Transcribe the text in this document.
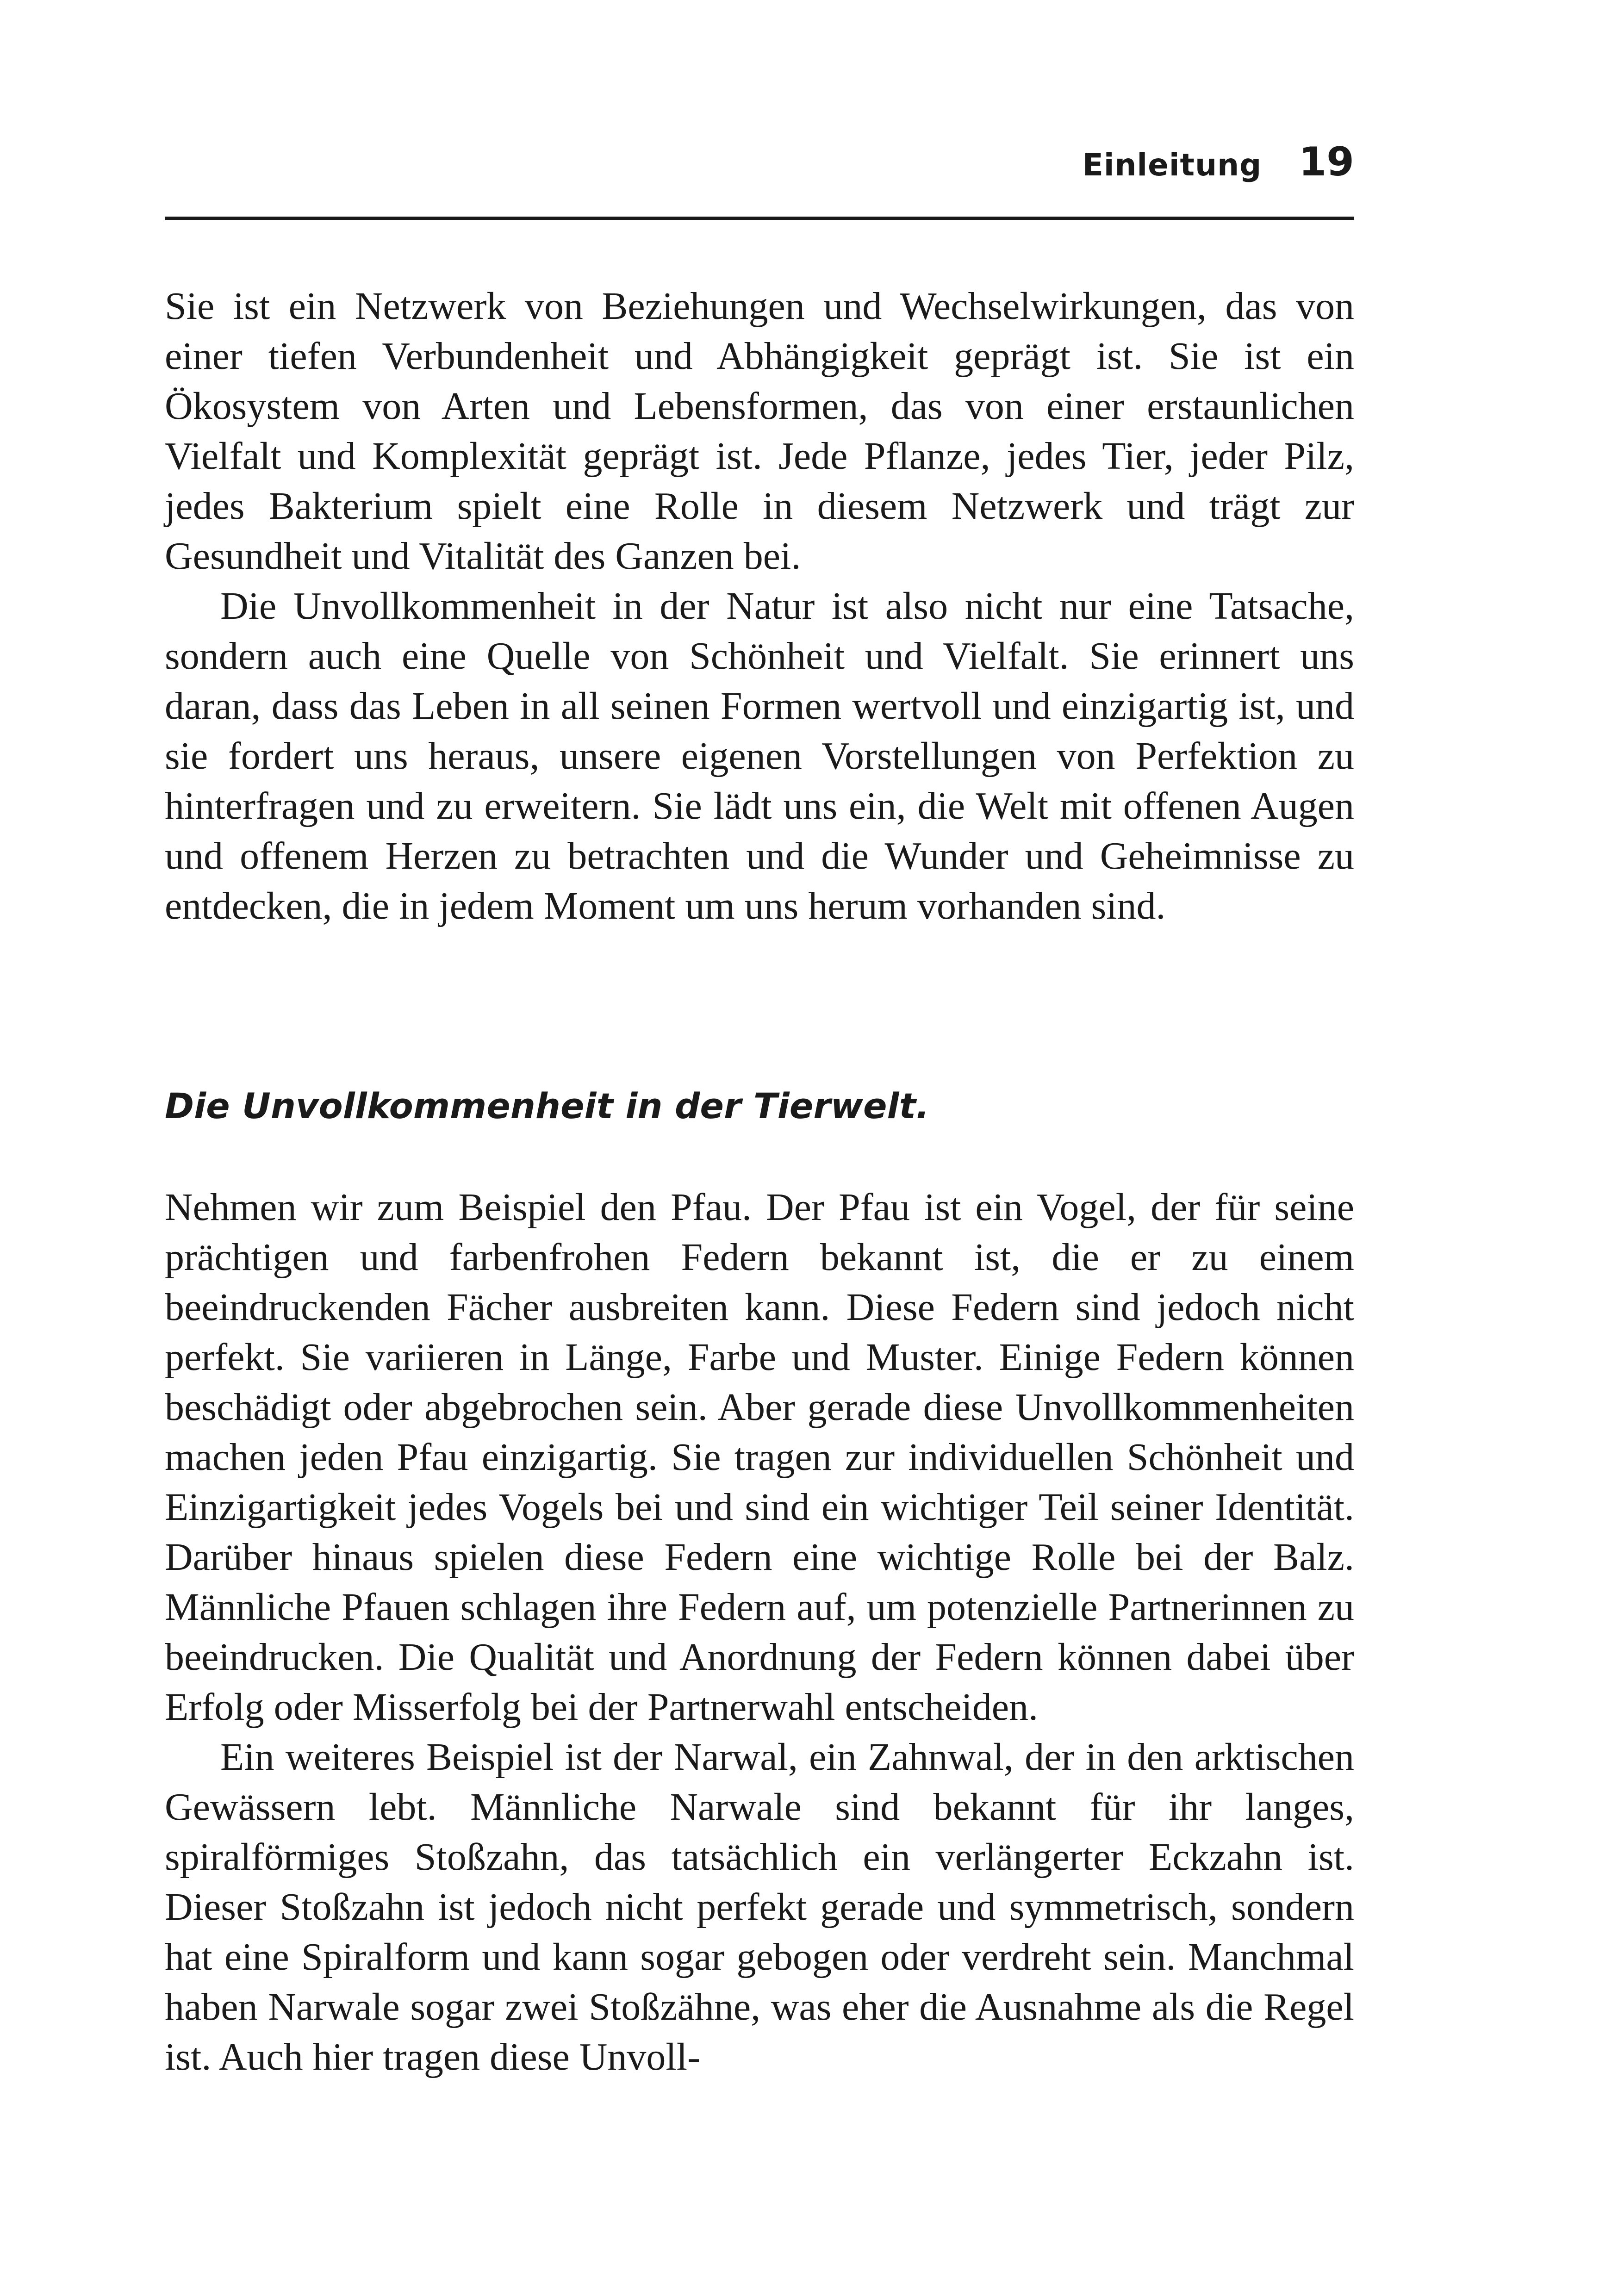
Einleitung 19

Sie ist ein Netzwerk von Beziehungen und Wechselwirkungen, das von einer tiefen Verbundenheit und Abhängigkeit geprägt ist. Sie ist ein Ökosystem von Arten und Lebensformen, das von einer erstaunlichen Vielfalt und Komplexität geprägt ist. Jede Pflanze, jedes Tier, jeder Pilz, jedes Bakterium spielt eine Rolle in diesem Netzwerk und trägt zur Gesundheit und Vitalität des Ganzen bei.

Die Unvollkommenheit in der Natur ist also nicht nur eine Tatsache, sondern auch eine Quelle von Schönheit und Vielfalt. Sie erinnert uns daran, dass das Leben in all seinen Formen wertvoll und einzigartig ist, und sie fordert uns heraus, unsere eigenen Vorstellungen von Perfektion zu hinterfragen und zu erweitern. Sie lädt uns ein, die Welt mit offenen Augen und offenem Herzen zu betrachten und die Wunder und Geheimnisse zu entdecken, die in jedem Moment um uns herum vorhanden sind.

Die Unvollkommenheit in der Tierwelt.

Nehmen wir zum Beispiel den Pfau. Der Pfau ist ein Vogel, der für seine prächtigen und farbenfrohen Federn bekannt ist, die er zu einem beeindruckenden Fächer ausbreiten kann. Diese Federn sind jedoch nicht perfekt. Sie variieren in Länge, Farbe und Muster. Einige Federn können beschädigt oder abgebrochen sein. Aber gerade diese Unvollkommenheiten machen jeden Pfau einzigartig. Sie tragen zur individuellen Schönheit und Einzigartigkeit jedes Vogels bei und sind ein wichtiger Teil seiner Identität. Darüber hinaus spielen diese Federn eine wichtige Rolle bei der Balz. Männliche Pfauen schlagen ihre Federn auf, um potenzielle Partnerinnen zu beeindrucken. Die Qualität und Anordnung der Federn können dabei über Erfolg oder Misserfolg bei der Partnerwahl entscheiden.

Ein weiteres Beispiel ist der Narwal, ein Zahnwal, der in den arktischen Gewässern lebt. Männliche Narwale sind bekannt für ihr langes, spiralförmiges Stoßzahn, das tatsächlich ein verlängerter Eckzahn ist. Dieser Stoßzahn ist jedoch nicht perfekt gerade und symmetrisch, sondern hat eine Spiralform und kann sogar gebogen oder verdreht sein. Manchmal haben Narwale sogar zwei Stoßzähne, was eher die Ausnahme als die Regel ist. Auch hier tragen diese Unvoll-
